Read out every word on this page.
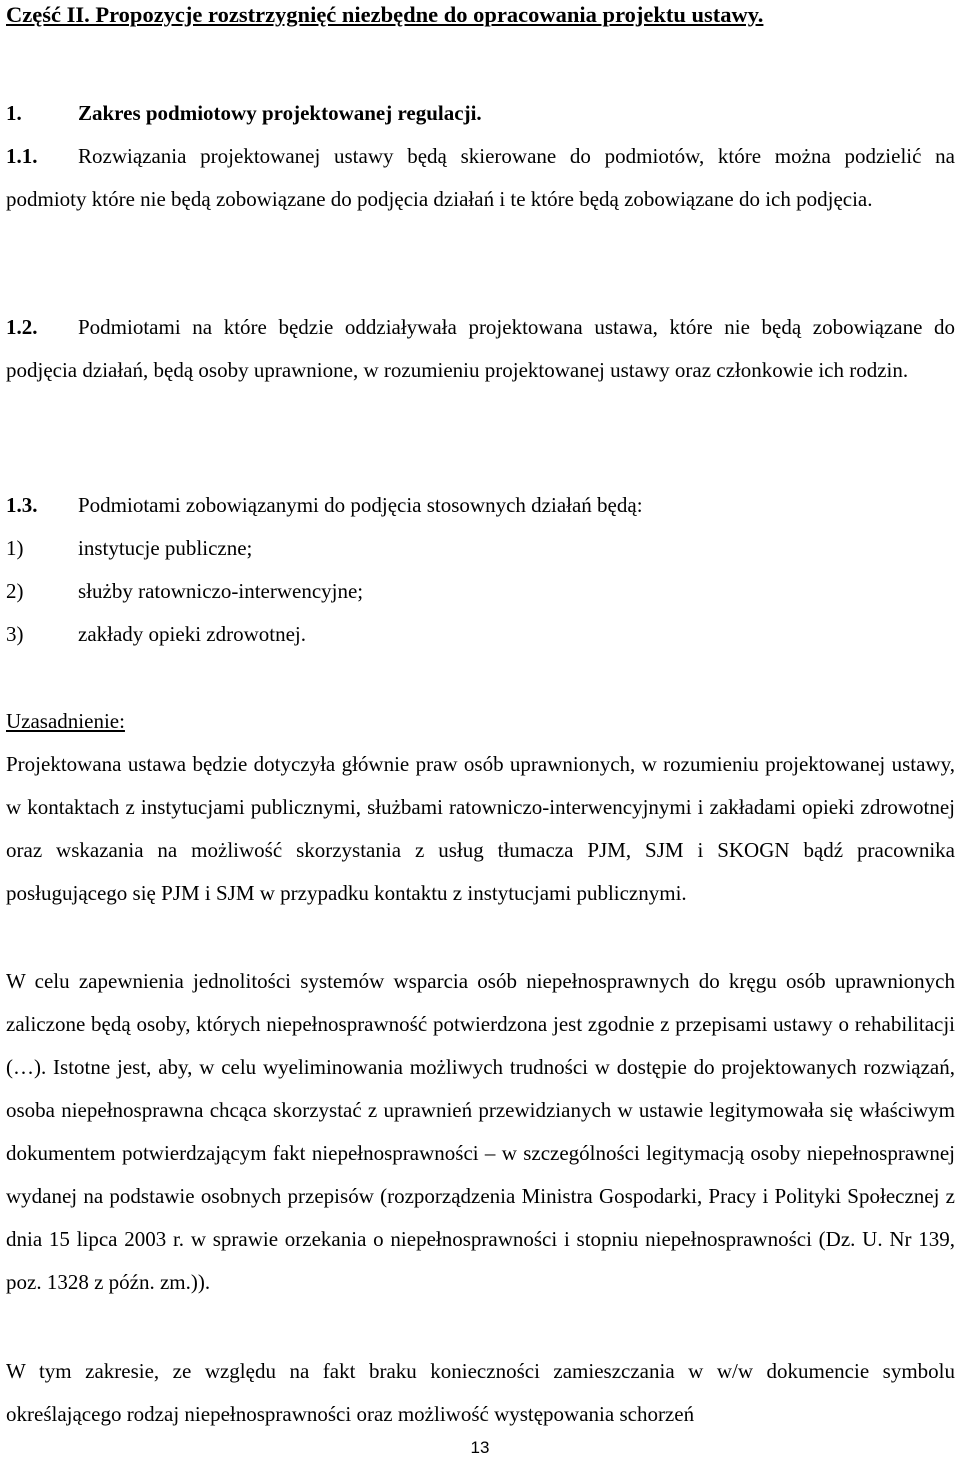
Część II. Propozycje rozstrzygnięć niezbędne do opracowania projektu ustawy.

1.	Zakres podmiotowy projektowanej regulacji.

1.1. Rozwiązania projektowanej ustawy będą skierowane do podmiotów, które można podzielić na podmioty które nie będą zobowiązane do podjęcia działań i te które będą zobowiązane do ich podjęcia.

1.2. Podmiotami na które będzie oddziaływała projektowana ustawa, które nie będą zobowiązane do podjęcia działań, będą osoby uprawnione, w rozumieniu projektowanej ustawy oraz członkowie ich rodzin.

1.3. Podmiotami zobowiązanymi do podjęcia stosownych działań będą:
1)	instytucje publiczne;
2)	służby ratowniczo-interwencyjne;
3)	zakłady opieki zdrowotnej.
Uzasadnienie:

Projektowana ustawa będzie dotyczyła głównie praw osób uprawnionych, w rozumieniu projektowanej ustawy, w kontaktach z instytucjami publicznymi, służbami ratowniczo-interwencyjnymi i zakładami opieki zdrowotnej oraz wskazania na możliwość skorzystania z usług tłumacza PJM, SJM i SKOGN bądź pracownika posługującego się PJM i SJM w przypadku kontaktu z instytucjami publicznymi.

W celu zapewnienia jednolitości systemów wsparcia osób niepełnosprawnych do kręgu osób uprawnionych zaliczone będą osoby, których niepełnosprawność potwierdzona jest zgodnie z przepisami ustawy o rehabilitacji (…). Istotne jest, aby, w celu wyeliminowania możliwych trudności w dostępie do projektowanych rozwiązań, osoba niepełnosprawna chcąca skorzystać z uprawnień przewidzianych w ustawie legitymowała się właściwym dokumentem potwierdzającym fakt niepełnosprawności – w szczególności legitymacją osoby niepełnosprawnej wydanej na podstawie osobnych przepisów (rozporządzenia Ministra Gospodarki, Pracy i Polityki Społecznej z dnia 15 lipca 2003 r. w sprawie orzekania o niepełnosprawności i stopniu niepełnosprawności (Dz. U. Nr 139, poz. 1328 z późn. zm.)).

W tym zakresie, ze względu na fakt braku konieczności zamieszczania w w/w dokumencie symbolu określającego rodzaj niepełnosprawności oraz możliwość występowania schorzeń

13
